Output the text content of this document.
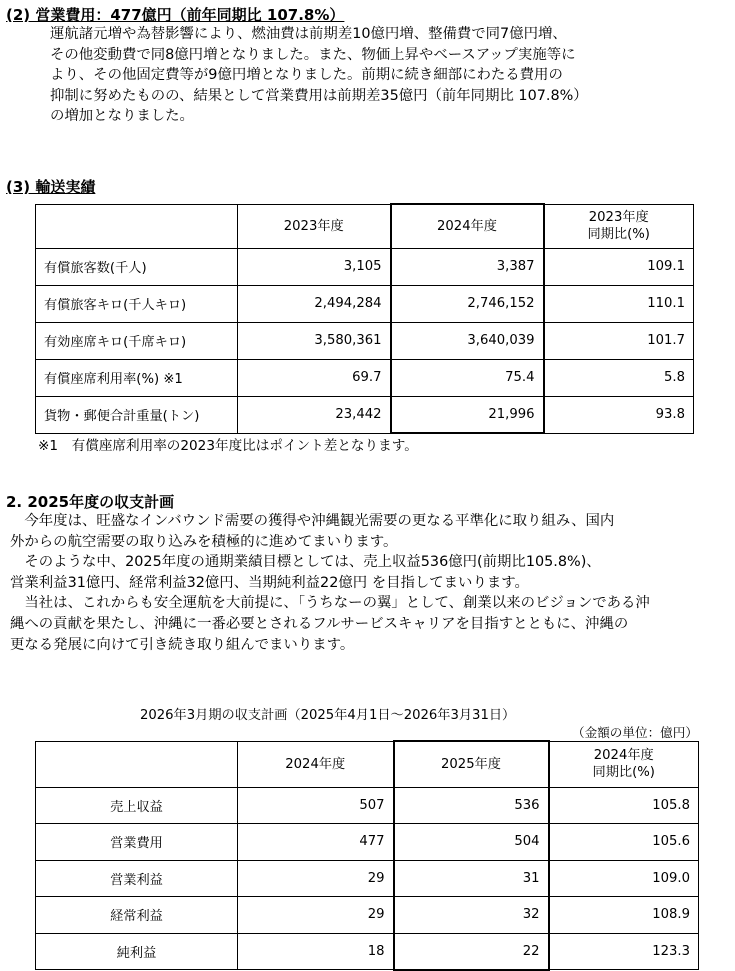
(2) 営業費用：477億円（前年同期比 107.8%）
運航諸元増や為替影響により、燃油費は前期差10億円増、整備費で同7億円増、
その他変動費で同8億円増となりました。また、物価上昇やベースアップ実施等に
より、その他固定費等が9億円増となりました。前期に続き細部にわたる費用の
抑制に努めたものの、結果として営業費用は前期差35億円（前年同期比 107.8%）
の増加となりました。
(3) 輸送実績
	2023年度	2024年度	2023年度
同期比(%)
有償旅客数(千人)	3,105	3,387	109.1
有償旅客キロ(千人キロ)	2,494,284	2,746,152	110.1
有効座席キロ(千席キロ)	3,580,361	3,640,039	101.7
有償座席利用率(%) ※1	69.7	75.4	5.8
貨物・郵便合計重量(トン)	23,442	21,996	93.8
※1　有償座席利用率の2023年度比はポイント差となります。
2. 2025年度の収支計画
　今年度は、旺盛なインバウンド需要の獲得や沖縄観光需要の更なる平準化に取り組み、国内
外からの航空需要の取り込みを積極的に進めてまいります。
　そのような中、2025年度の通期業績目標としては、売上収益536億円(前期比105.8%)、
営業利益31億円、経常利益32億円、当期純利益22億円 を目指してまいります。
　当社は、これからも安全運航を大前提に、「うちなーの翼」として、創業以来のビジョンである沖
縄への貢献を果たし、沖縄に一番必要とされるフルサービスキャリアを目指すとともに、沖縄の
更なる発展に向けて引き続き取り組んでまいります。
2026年3月期の収支計画（2025年4月1日～2026年3月31日）
（金額の単位：億円）
	2024年度	2025年度	2024年度
同期比(%)
売上収益	507	536	105.8
営業費用	477	504	105.6
営業利益	29	31	109.0
経常利益	29	32	108.9
純利益	18	22	123.3
